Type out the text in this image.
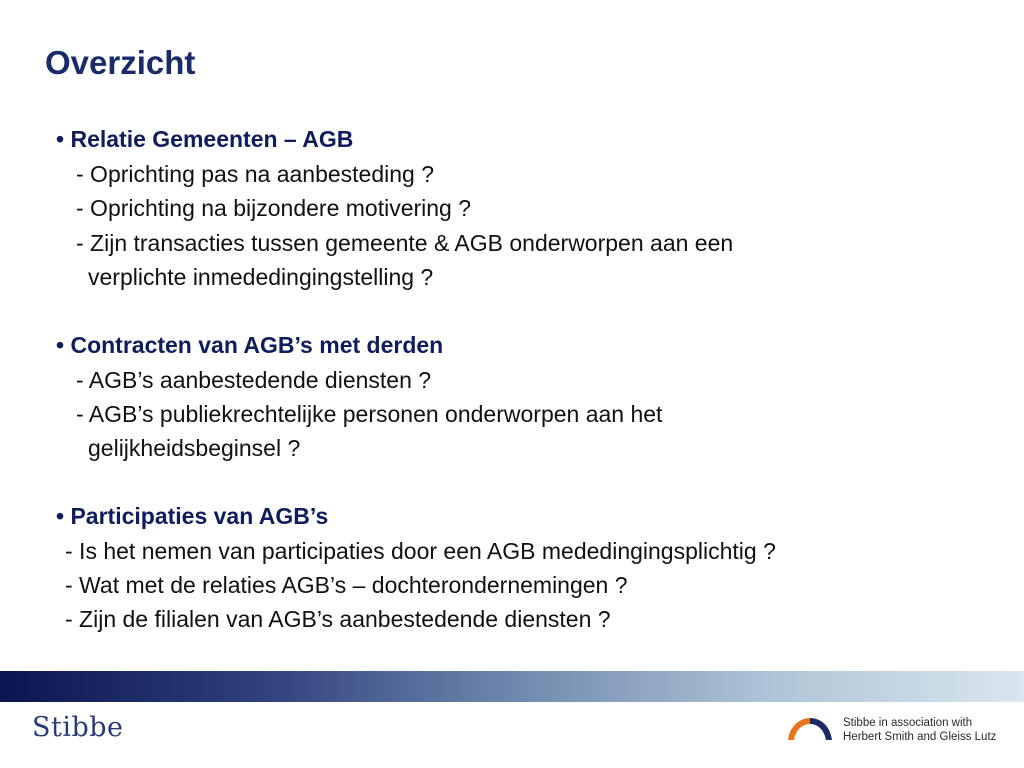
Overzicht
• Relatie Gemeenten – AGB
- Oprichting pas na aanbesteding ?
- Oprichting na bijzondere motivering ?
- Zijn transacties tussen gemeente & AGB onderworpen aan een
verplichte inmededingingstelling ?
• Contracten van AGB’s met derden
- AGB’s aanbestedende diensten ?
- AGB’s publiekrechtelijke personen onderworpen aan het
gelijkheidsbeginsel ?
• Participaties van AGB’s
- Is het nemen van participaties door een AGB mededingingsplichtig ?
- Wat met de relaties AGB’s – dochterondernemingen ?
- Zijn de filialen van AGB’s aanbestedende diensten ?
Stibbe	Stibbe in association with
Herbert Smith and Gleiss Lutz
